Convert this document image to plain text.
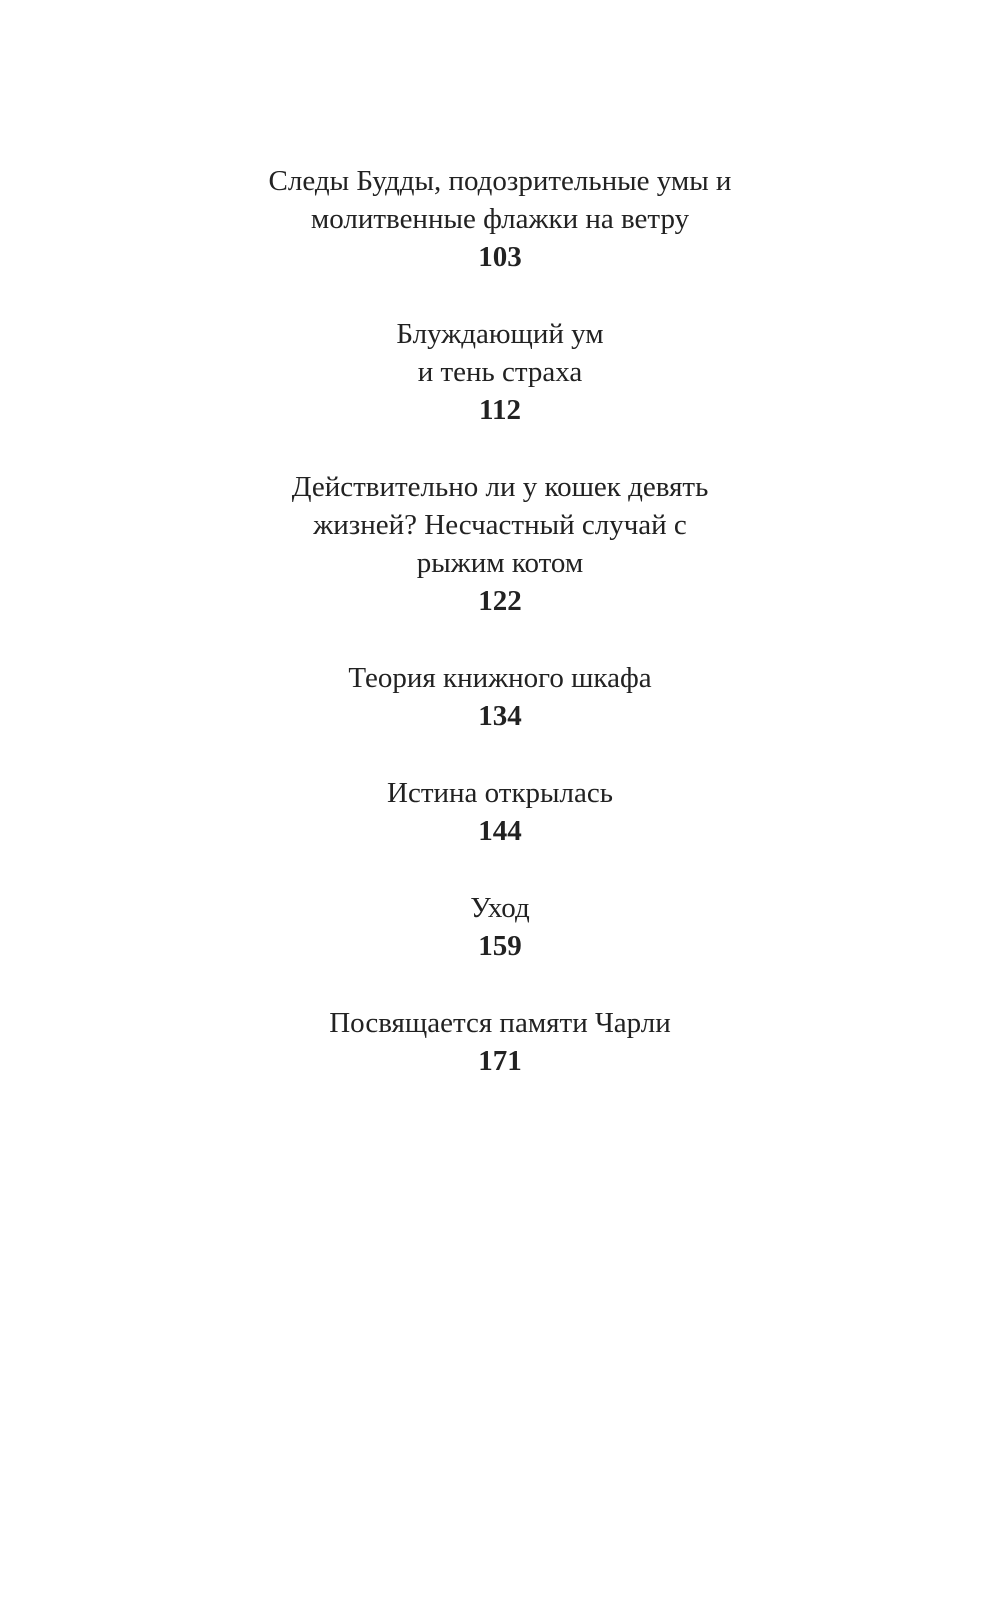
Следы Будды, подозрительные умы и
молитвенные флажки на ветру
103
Блуждающий ум
и тень страха
112
Действительно ли у кошек девять
жизней? Несчастный случай с
рыжим котом
122
Теория книжного шкафа
134
Истина открылась
144
Уход
159
Посвящается памяти Чарли
171
